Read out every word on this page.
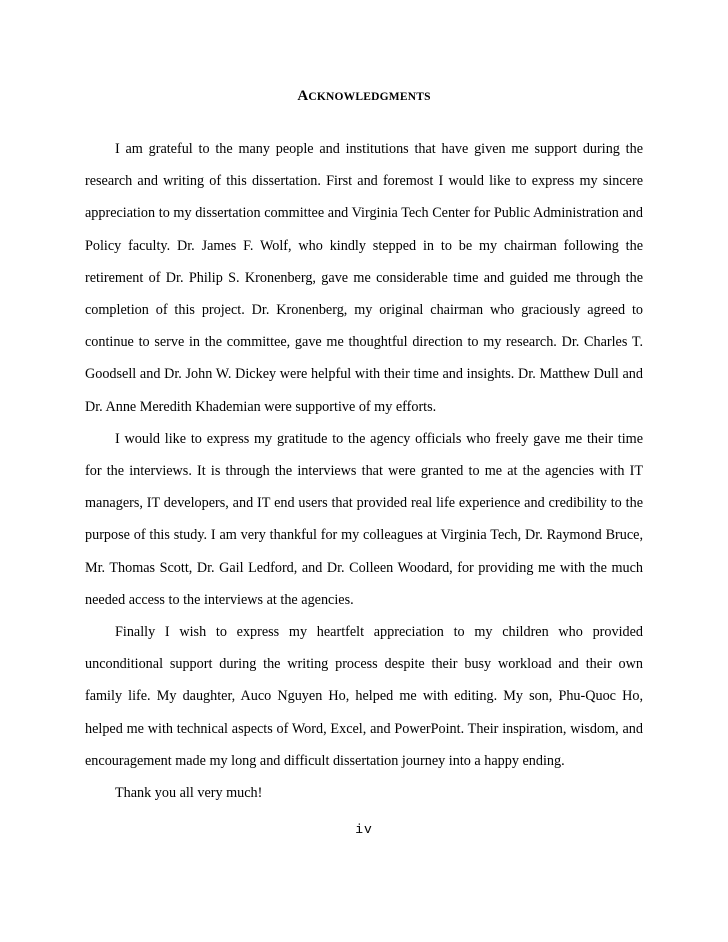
ACKNOWLEDGMENTS

I am grateful to the many people and institutions that have given me support during the research and writing of this dissertation. First and foremost I would like to express my sincere appreciation to my dissertation committee and Virginia Tech Center for Public Administration and Policy faculty. Dr. James F. Wolf, who kindly stepped in to be my chairman following the retirement of Dr. Philip S. Kronenberg, gave me considerable time and guided me through the completion of this project. Dr. Kronenberg, my original chairman who graciously agreed to continue to serve in the committee, gave me thoughtful direction to my research. Dr. Charles T. Goodsell and Dr. John W. Dickey were helpful with their time and insights. Dr. Matthew Dull and Dr. Anne Meredith Khademian were supportive of my efforts.

I would like to express my gratitude to the agency officials who freely gave me their time for the interviews. It is through the interviews that were granted to me at the agencies with IT managers, IT developers, and IT end users that provided real life experience and credibility to the purpose of this study. I am very thankful for my colleagues at Virginia Tech, Dr. Raymond Bruce, Mr. Thomas Scott, Dr. Gail Ledford, and Dr. Colleen Woodard, for providing me with the much needed access to the interviews at the agencies.

Finally I wish to express my heartfelt appreciation to my children who provided unconditional support during the writing process despite their busy workload and their own family life. My daughter, Auco Nguyen Ho, helped me with editing. My son, Phu-Quoc Ho, helped me with technical aspects of Word, Excel, and PowerPoint. Their inspiration, wisdom, and encouragement made my long and difficult dissertation journey into a happy ending.

Thank you all very much!

iv
